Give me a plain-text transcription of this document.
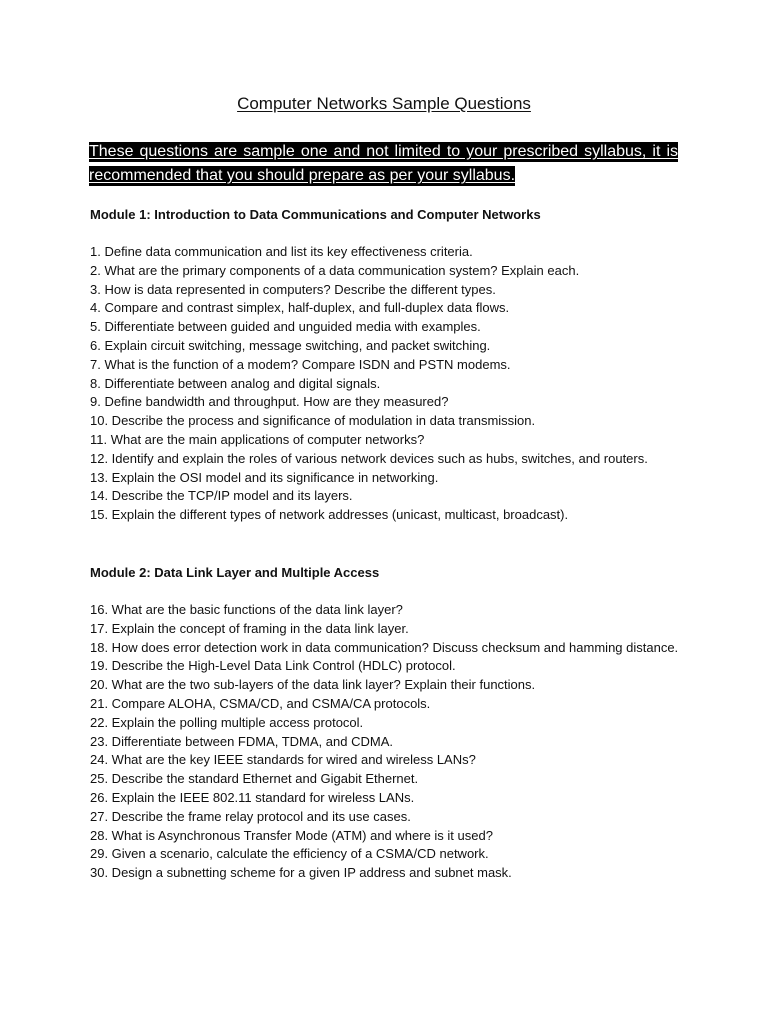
Computer Networks Sample Questions
These questions are sample one and not limited to your prescribed syllabus, it is recommended that you should prepare as per your syllabus.
Module 1: Introduction to Data Communications and Computer Networks
1. Define data communication and list its key effectiveness criteria.
2. What are the primary components of a data communication system? Explain each.
3. How is data represented in computers? Describe the different types.
4. Compare and contrast simplex, half-duplex, and full-duplex data flows.
5. Differentiate between guided and unguided media with examples.
6. Explain circuit switching, message switching, and packet switching.
7. What is the function of a modem? Compare ISDN and PSTN modems.
8. Differentiate between analog and digital signals.
9. Define bandwidth and throughput. How are they measured?
10. Describe the process and significance of modulation in data transmission.
11. What are the main applications of computer networks?
12. Identify and explain the roles of various network devices such as hubs, switches, and routers.
13. Explain the OSI model and its significance in networking.
14. Describe the TCP/IP model and its layers.
15. Explain the different types of network addresses (unicast, multicast, broadcast).
Module 2: Data Link Layer and Multiple Access
16. What are the basic functions of the data link layer?
17. Explain the concept of framing in the data link layer.
18. How does error detection work in data communication? Discuss checksum and hamming distance.
19. Describe the High-Level Data Link Control (HDLC) protocol.
20. What are the two sub-layers of the data link layer? Explain their functions.
21. Compare ALOHA, CSMA/CD, and CSMA/CA protocols.
22. Explain the polling multiple access protocol.
23. Differentiate between FDMA, TDMA, and CDMA.
24. What are the key IEEE standards for wired and wireless LANs?
25. Describe the standard Ethernet and Gigabit Ethernet.
26. Explain the IEEE 802.11 standard for wireless LANs.
27. Describe the frame relay protocol and its use cases.
28. What is Asynchronous Transfer Mode (ATM) and where is it used?
29. Given a scenario, calculate the efficiency of a CSMA/CD network.
30. Design a subnetting scheme for a given IP address and subnet mask.
